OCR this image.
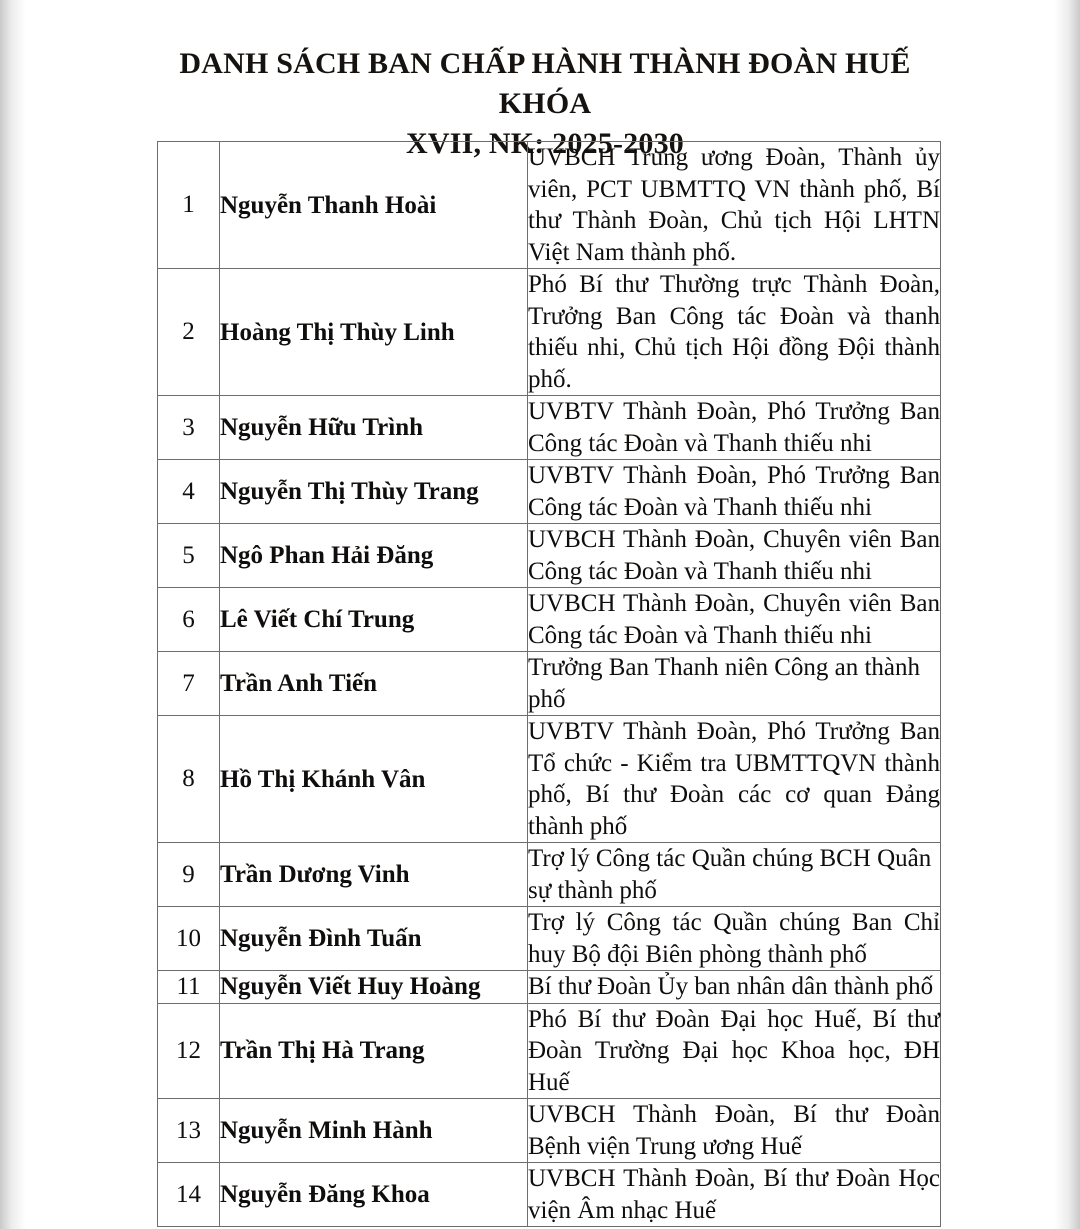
DANH SÁCH BAN CHẤP HÀNH THÀNH ĐOÀN HUẾ KHÓA
XVII, NK: 2025-2030
1	Nguyễn Thanh Hoài	UVBCH Trung ương Đoàn, Thành ủy viên, PCT UBMTTQ VN thành phố, Bí thư Thành Đoàn, Chủ tịch Hội LHTN Việt Nam thành phố.
2	Hoàng Thị Thùy Linh	Phó Bí thư Thường trực Thành Đoàn, Trưởng Ban Công tác Đoàn và thanh thiếu nhi, Chủ tịch Hội đồng Đội thành phố.
3	Nguyễn Hữu Trình	UVBTV Thành Đoàn, Phó Trưởng Ban Công tác Đoàn và Thanh thiếu nhi
4	Nguyễn Thị Thùy Trang	UVBTV Thành Đoàn, Phó Trưởng Ban Công tác Đoàn và Thanh thiếu nhi
5	Ngô Phan Hải Đăng	UVBCH Thành Đoàn, Chuyên viên Ban Công tác Đoàn và Thanh thiếu nhi
6	Lê Viết Chí Trung	UVBCH Thành Đoàn, Chuyên viên Ban Công tác Đoàn và Thanh thiếu nhi
7	Trần Anh Tiến	Trưởng Ban Thanh niên Công an thành phố
8	Hồ Thị Khánh Vân	UVBTV Thành Đoàn, Phó Trưởng Ban Tổ chức - Kiểm tra UBMTTQVN thành phố, Bí thư Đoàn các cơ quan Đảng thành phố
9	Trần Dương Vinh	Trợ lý Công tác Quần chúng BCH Quân sự thành phố
10	Nguyễn Đình Tuấn	Trợ lý Công tác Quần chúng Ban Chỉ huy Bộ đội Biên phòng thành phố
11	Nguyễn Viết Huy Hoàng	Bí thư Đoàn Ủy ban nhân dân thành phố
12	Trần Thị Hà Trang	Phó Bí thư Đoàn Đại học Huế, Bí thư Đoàn Trường Đại học Khoa học, ĐH Huế
13	Nguyễn Minh Hành	UVBCH Thành Đoàn, Bí thư Đoàn Bệnh viện Trung ương Huế
14	Nguyễn Đăng Khoa	UVBCH Thành Đoàn, Bí thư Đoàn Học viện Âm nhạc Huế
